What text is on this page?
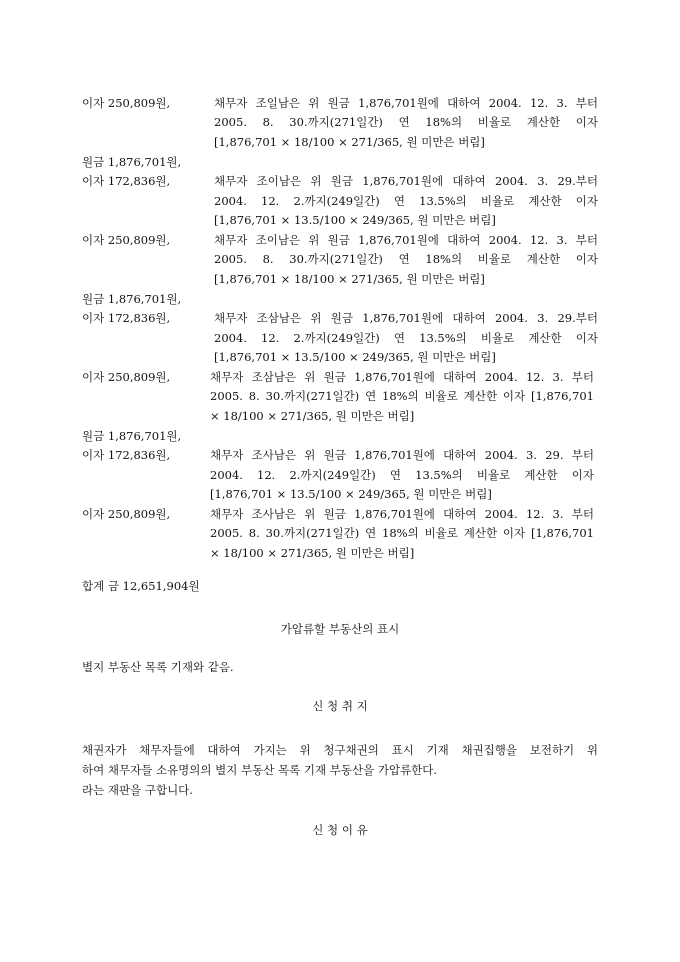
이자 250,809원,	채무자 조일남은 위 원금 1,876,701원에 대하여 2004. 12. 3. 부터
2005. 8. 30.까지(271일간) 연 18%의 비율로 계산한 이자
[1,876,701 × 18/100 × 271/365, 원 미만은 버림]
원금 1,876,701원,
이자 172,836원,	채무자 조이남은 위 원금 1,876,701원에 대하여 2004. 3. 29.부터
2004. 12. 2.까지(249일간) 연 13.5%의 비율로 계산한 이자
[1,876,701 × 13.5/100 × 249/365, 원 미만은 버림]
이자 250,809원,	채무자 조이남은 위 원금 1,876,701원에 대하여 2004. 12. 3. 부터
2005. 8. 30.까지(271일간) 연 18%의 비율로 계산한 이자
[1,876,701 × 18/100 × 271/365, 원 미만은 버림]
원금 1,876,701원,
이자 172,836원,	채무자 조삼남은 위 원금 1,876,701원에 대하여 2004. 3. 29.부터
2004. 12. 2.까지(249일간) 연 13.5%의 비율로 계산한 이자
[1,876,701 × 13.5/100 × 249/365, 원 미만은 버림]
이자 250,809원,	채무자 조삼남은 위 원금 1,876,701원에 대하여 2004. 12. 3. 부터
2005. 8. 30.까지(271일간) 연 18%의 비율로 계산한 이자 [1,876,701
× 18/100 × 271/365, 원 미만은 버림]
원금 1,876,701원,
이자 172,836원,	채무자 조사남은 위 원금 1,876,701원에 대하여 2004. 3. 29. 부터
2004. 12. 2.까지(249일간) 연 13.5%의 비율로 계산한 이자
[1,876,701 × 13.5/100 × 249/365, 원 미만은 버림]
이자 250,809원,	채무자 조사남은 위 원금 1,876,701원에 대하여 2004. 12. 3. 부터
2005. 8. 30.까지(271일간) 연 18%의 비율로 계산한 이자 [1,876,701
× 18/100 × 271/365, 원 미만은 버림]
합계 금 12,651,904원
가압류할 부동산의 표시
별지 부동산 목록 기재와 같음.
신 청 취 지
채권자가 채무자들에 대하여 가지는 위 청구채권의 표시 기재 채권집행을 보전하기 위
하여 채무자들 소유명의의 별지 부동산 목록 기재 부동산을 가압류한다.
라는 재판을 구합니다.
신 청 이 유
